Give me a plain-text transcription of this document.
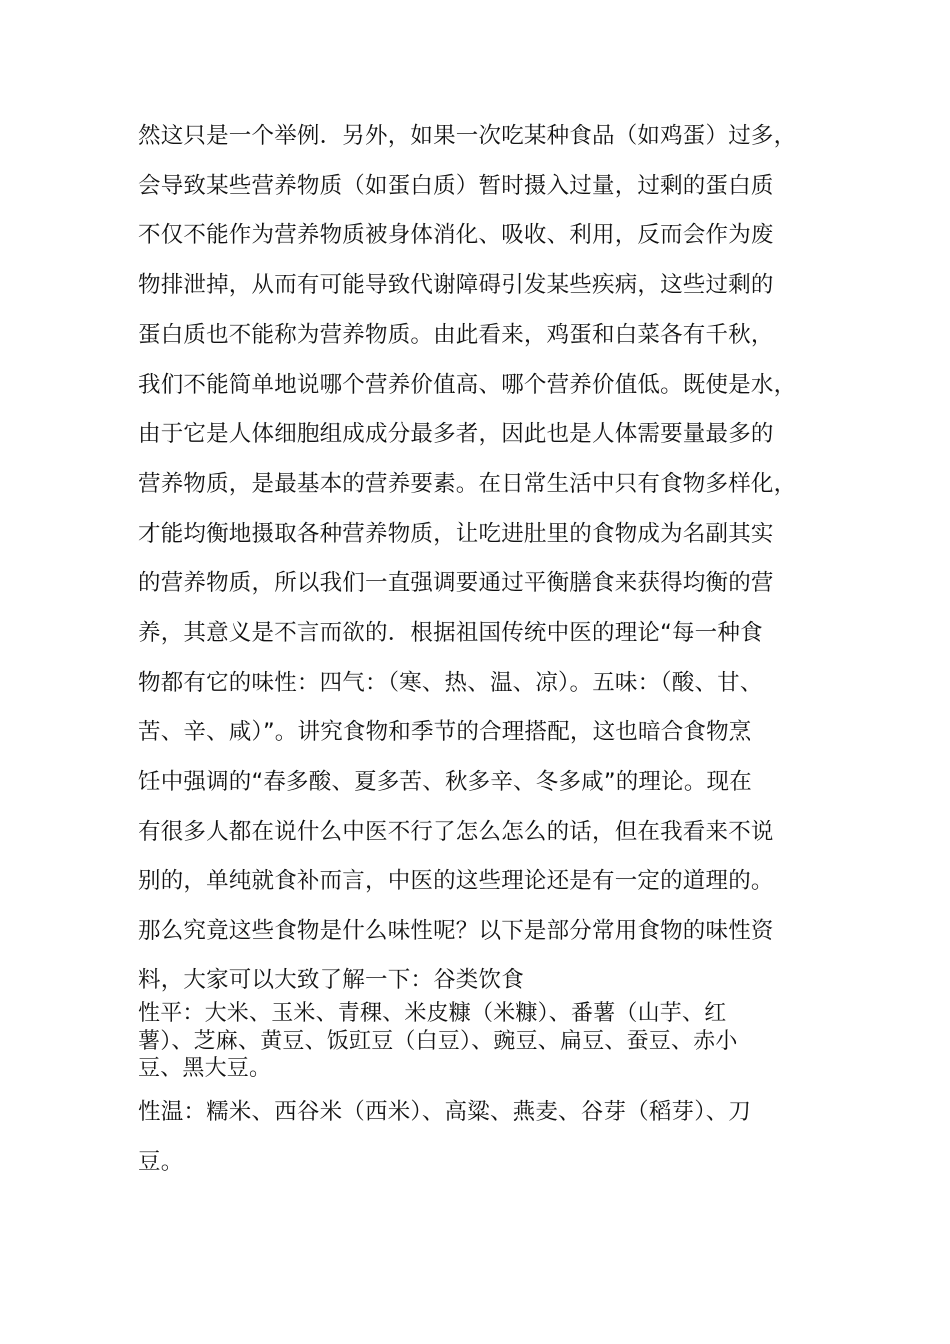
然这只是一个举例．另外，如果一次吃某种食品（如鸡蛋）过多，
会导致某些营养物质（如蛋白质）暂时摄入过量，过剩的蛋白质
不仅不能作为营养物质被身体消化、吸收、利用，反而会作为废
物排泄掉，从而有可能导致代谢障碍引发某些疾病，这些过剩的
蛋白质也不能称为营养物质。由此看来，鸡蛋和白菜各有千秋，
我们不能简单地说哪个营养价值高、哪个营养价值低。既使是水，
由于它是人体细胞组成成分最多者，因此也是人体需要量最多的
营养物质，是最基本的营养要素。在日常生活中只有食物多样化，
才能均衡地摄取各种营养物质，让吃进肚里的食物成为名副其实
的营养物质，所以我们一直强调要通过平衡膳食来获得均衡的营
养，其意义是不言而欲的．根据祖国传统中医的理论“每一种食
物都有它的味性：四气：（寒、热、温、凉）。五味：（酸、甘、
苦、辛、咸）”。讲究食物和季节的合理搭配，这也暗合食物烹
饪中强调的“春多酸、夏多苦、秋多辛、冬多咸”的理论。现在
有很多人都在说什么中医不行了怎么怎么的话，但在我看来不说
别的，单纯就食补而言，中医的这些理论还是有一定的道理的。
那么究竟这些食物是什么味性呢？以下是部分常用食物的味性资
料，大家可以大致了解一下：谷类饮食
性平：大米、玉米、青稞、米皮糠（米糠）、番薯（山芋、红
薯）、芝麻、黄豆、饭豇豆（白豆）、豌豆、扁豆、蚕豆、赤小
豆、黑大豆。
性温：糯米、西谷米（西米）、高粱、燕麦、谷芽（稻芽）、刀
豆。
